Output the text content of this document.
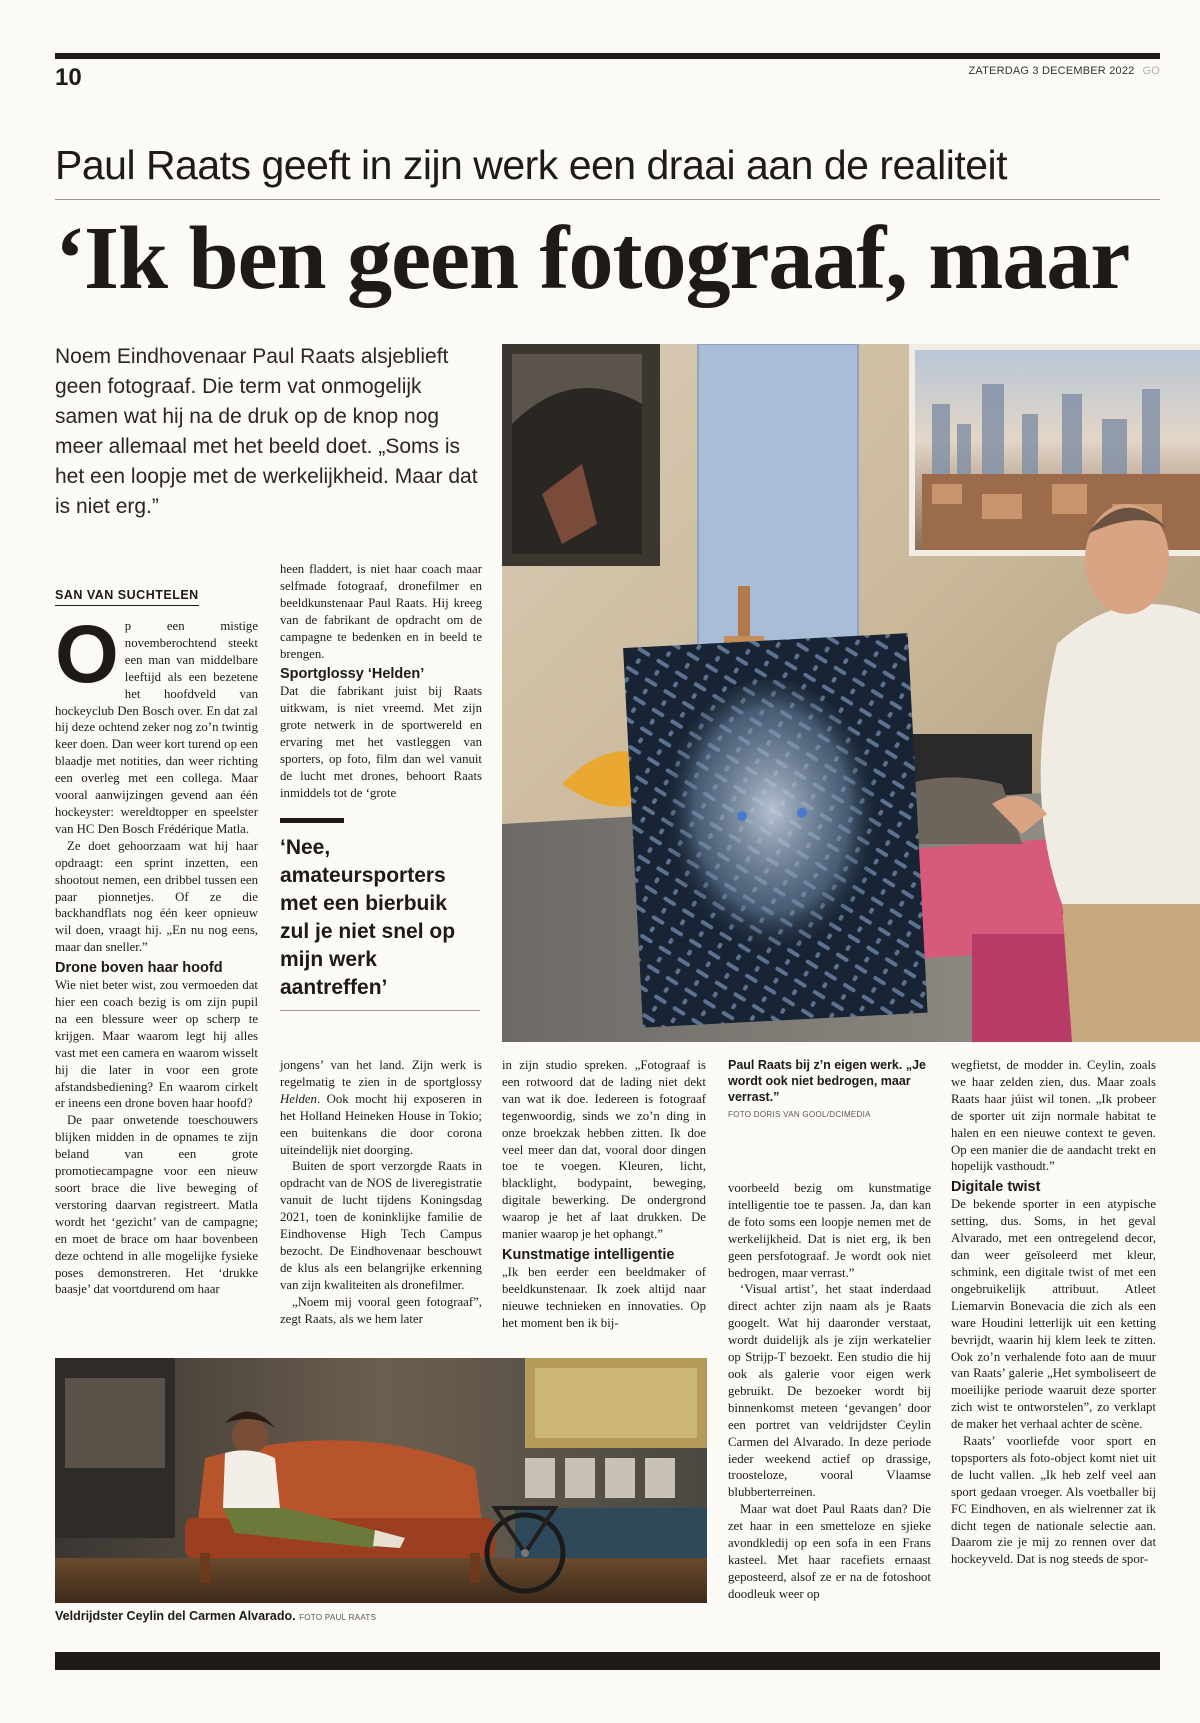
10	ZATERDAG 3 DECEMBER 2022 GO
Paul Raats geeft in zijn werk een draai aan de realiteit
‘Ik ben geen fotograaf, maar
Noem Eindhovenaar Paul Raats alsjeblieft geen fotograaf. Die term vat onmogelijk samen wat hij na de druk op de knop nog meer allemaal met het beeld doet. „Soms is het een loopje met de werkelijkheid. Maar dat is niet erg.”
SAN VAN SUCHTELEN
O p een mistige novemberochtend steekt een man van middelbare leeftijd als een bezetene het hoofdveld van hockeyclub Den Bosch over. En dat zal hij deze ochtend zeker nog zo’n twintig keer doen. Dan weer kort turend op een blaadje met notities, dan weer richting een overleg met een collega. Maar vooral aanwijzingen gevend aan één hockeyster: wereldtopper en speelster van HC Den Bosch Frédérique Matla.

Ze doet gehoorzaam wat hij haar opdraagt: een sprint inzetten, een shootout nemen, een dribbel tussen een paar pionnetjes. Of ze die backhandflats nog één keer opnieuw wil doen, vraagt hij. „En nu nog eens, maar dan sneller.”

Drone boven haar hoofd

Wie niet beter wist, zou vermoeden dat hier een coach bezig is om zijn pupil na een blessure weer op scherp te krijgen. Maar waarom legt hij alles vast met een camera en waarom wisselt hij die later in voor een grote afstandsbediening? En waarom cirkelt er ineens een drone boven haar hoofd?

De paar onwetende toeschouwers blijken midden in de opnames te zijn beland van een grote promotiecampagne voor een nieuw soort brace die live beweging of verstoring daarvan registreert. Matla wordt het ‘gezicht’ van de campagne; en moet de brace om haar bovenbeen deze ochtend in alle mogelijke fysieke poses demonstreren. Het ‘drukke baasje’ dat voortdurend om haar

heen fladdert, is niet haar coach maar selfmade fotograaf, dronefilmer en beeldkunstenaar Paul Raats. Hij kreeg van de fabrikant de opdracht om de campagne te bedenken en in beeld te brengen.

Sportglossy ‘Helden’

Dat die fabrikant juist bij Raats uitkwam, is niet vreemd. Met zijn grote netwerk in de sportwereld en ervaring met het vastleggen van sporters, op foto, film dan wel vanuit de lucht met drones, behoort Raats inmiddels tot de ‘grote

‘Nee, amateursporters met een bierbuik zul je niet snel op mijn werk aantreffen’

jongens’ van het land. Zijn werk is regelmatig te zien in de sportglossy Helden. Ook mocht hij exposeren in het Holland Heineken House in Tokio; een buitenkans die door corona uiteindelijk niet doorging.

Buiten de sport verzorgde Raats in opdracht van de NOS de liveregistratie vanuit de lucht tijdens Koningsdag 2021, toen de koninklijke familie de Eindhovense High Tech Campus bezocht. De Eindhovenaar beschouwt de klus als een belangrijke erkenning van zijn kwaliteiten als dronefilmer.

„Noem mij vooral geen fotograaf”, zegt Raats, als we hem later

in zijn studio spreken. „Fotograaf is een rotwoord dat de lading niet dekt van wat ik doe. Iedereen is fotograaf tegenwoordig, sinds we zo’n ding in onze broekzak hebben zitten. Ik doe veel meer dan dat, vooral door dingen toe te voegen. Kleuren, licht, blacklight, bodypaint, beweging, digitale bewerking. De ondergrond waarop je het af laat drukken. De manier waarop je het ophangt.”

Kunstmatige intelligentie

„Ik ben eerder een beeldmaker of beeldkunstenaar. Ik zoek altijd naar nieuwe technieken en innovaties. Op het moment ben ik bij-

Paul Raats bij z’n eigen werk. „Je wordt ook niet bedrogen, maar verrast.”
FOTO DORIS VAN GOOL/DCIMEDIA

voorbeeld bezig om kunstmatige intelligentie toe te passen. Ja, dan kan de foto soms een loopje nemen met de werkelijkheid. Dat is niet erg, ik ben geen persfotograaf. Je wordt ook niet bedrogen, maar verrast.”

‘Visual artist’, het staat inderdaad direct achter zijn naam als je Raats googelt. Wat hij daaronder verstaat, wordt duidelijk als je zijn werkatelier op Strijp-T bezoekt. Een studio die hij ook als galerie voor eigen werk gebruikt. De bezoeker wordt bij binnenkomst meteen ‘gevangen’ door een portret van veldrijdster Ceylin Carmen del Alvarado. In deze periode ieder weekend actief op drassige, troosteloze, vooral Vlaamse blubberterreinen.

Maar wat doet Paul Raats dan? Die zet haar in een smetteloze en sjieke avondkledij op een sofa in een Frans kasteel. Met haar racefiets ernaast geposteerd, alsof ze er na de fotoshoot doodleuk weer op

wegfietst, de modder in. Ceylin, zoals we haar zelden zien, dus. Maar zoals Raats haar júist wil tonen. „Ik probeer de sporter uit zijn normale habitat te halen en een nieuwe context te geven. Op een manier die de aandacht trekt en hopelijk vasthoudt.”

Digitale twist

De bekende sporter in een atypische setting, dus. Soms, in het geval Alvarado, met een ontregelend decor, dan weer geïsoleerd met kleur, schmink, een digitale twist of met een ongebruikelijk attribuut. Atleet Liemarvin Bonevacia die zich als een ware Houdini letterlijk uit een ketting bevrijdt, waarin hij klem leek te zitten. Ook zo’n verhalende foto aan de muur van Raats’ galerie „Het symboliseert de moeilijke periode waaruit deze sporter zich wist te ontworstelen”, zo verklapt de maker het verhaal achter de scène.

Raats’ voorliefde voor sport en topsporters als foto-object komt niet uit de lucht vallen. „Ik heb zelf veel aan sport gedaan vroeger. Als voetballer bij FC Eindhoven, en als wielrenner zat ik dicht tegen de nationale selectie aan. Daarom zie je mij zo rennen over dat hockeyveld. Dat is nog steeds de spor-

Veldrijdster Ceylin del Carmen Alvarado. FOTO PAUL RAATS
